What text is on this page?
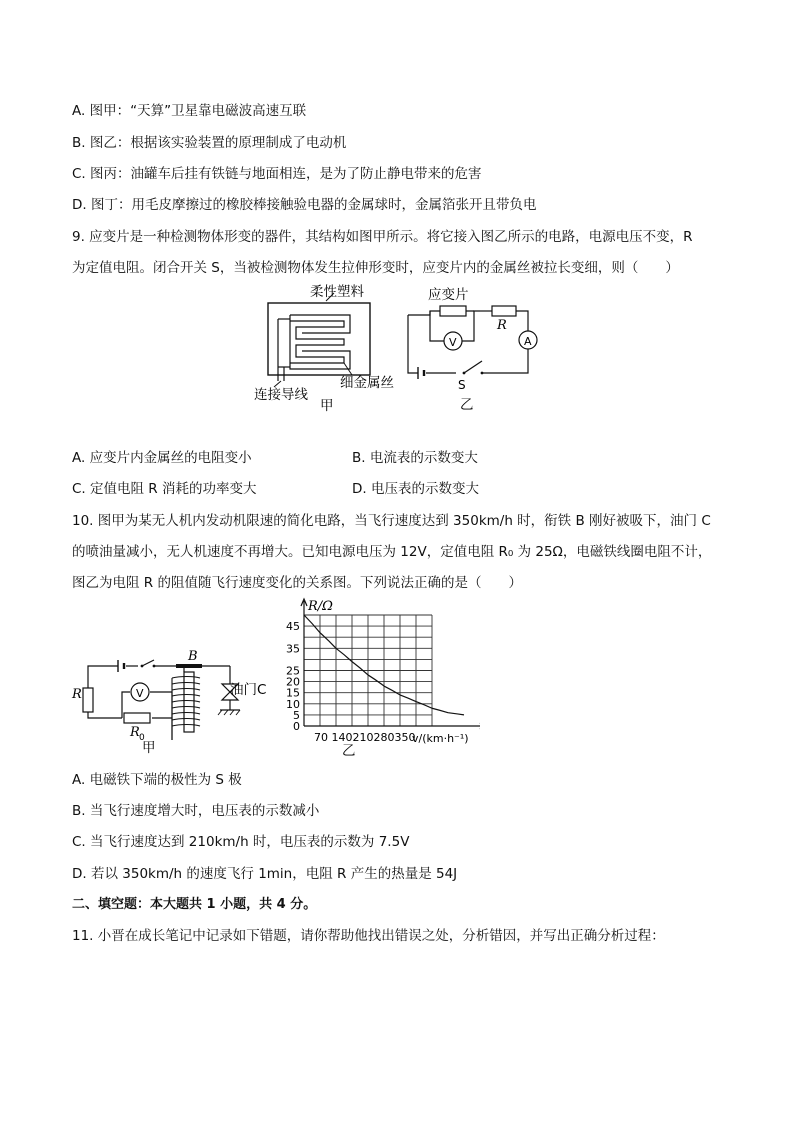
A. 图甲：“天算”卫星靠电磁波高速互联
B. 图乙：根据该实验装置的原理制成了电动机
C. 图丙：油罐车后挂有铁链与地面相连，是为了防止静电带来的危害
D. 图丁：用毛皮摩擦过的橡胶棒接触验电器的金属球时，金属箔张开且带负电
9. 应变片是一种检测物体形变的器件，其结构如图甲所示。将它接入图乙所示的电路，电源电压不变，R
为定值电阻。闭合开关 S，当被检测物体发生拉伸形变时，应变片内的金属丝被拉长变细，则（　　）
柔性塑料
连接导线
细金属丝
甲
应变片
R
V	A
S
乙
A. 应变片内金属丝的电阻变小	B. 电流表的示数变大
C. 定值电阻 R 消耗的功率变大	D. 电压表的示数变大
10. 图甲为某无人机内发动机限速的简化电路，当飞行速度达到 350km/h 时，衔铁 B 刚好被吸下，油门 C
的喷油量减小，无人机速度不再增大。已知电源电压为 12V，定值电阻 R₀ 为 25Ω，电磁铁线圈电阻不计，
图乙为电阻 R 的阻值随飞行速度变化的关系图。下列说法正确的是（　　）
R	V
R 0
B
油门C
甲
0
5
10
15
20
25
35
45
R/Ω
70 140210280350
v/(km·h⁻¹)
乙
A. 电磁铁下端的极性为 S 极
B. 当飞行速度增大时，电压表的示数减小
C. 当飞行速度达到 210km/h 时，电压表的示数为 7.5V
D. 若以 350km/h 的速度飞行 1min，电阻 R 产生的热量是 54J
二、填空题：本大题共 1 小题，共 4 分。
11. 小晋在成长笔记中记录如下错题，请你帮助他找出错误之处，分析错因，并写出正确分析过程：
